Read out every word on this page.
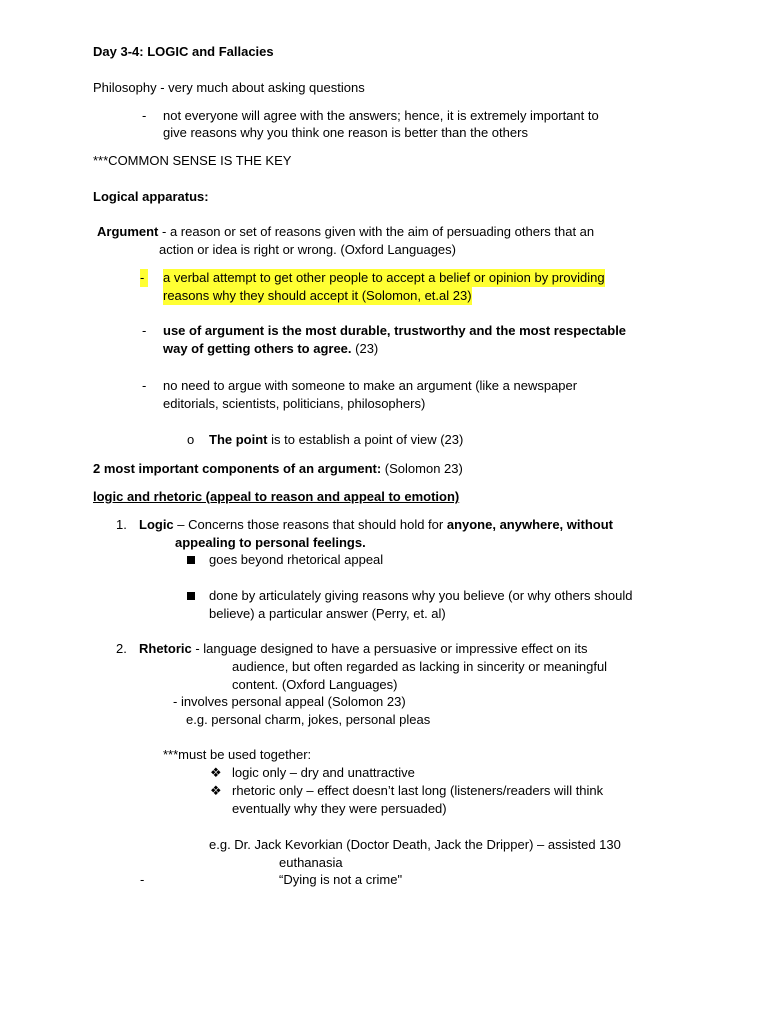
Day 3-4: LOGIC and Fallacies
Philosophy - very much about asking questions
- not everyone will agree with the answers; hence, it is extremely important to
give reasons why you think one reason is better than the others
***COMMON SENSE IS THE KEY
Logical apparatus:
Argument - a reason or set of reasons given with the aim of persuading others that an
action or idea is right or wrong. (Oxford Languages)
-	a verbal attempt to get other people to accept a belief or opinion by providing
reasons why they should accept it (Solomon, et.al 23)
- use of argument is the most durable, trustworthy and the most respectable
way of getting others to agree. (23)
- no need to argue with someone to make an argument (like a newspaper
editorials, scientists, politicians, philosophers)
o The point is to establish a point of view (23)
2 most important components of an argument: (Solomon 23)
logic and rhetoric (appeal to reason and appeal to emotion)
1. Logic – Concerns those reasons that should hold for anyone, anywhere, without
appealing to personal feelings.
goes beyond rhetorical appeal
done by articulately giving reasons why you believe (or why others should
believe) a particular answer (Perry, et. al)
2. Rhetoric - language designed to have a persuasive or impressive effect on its
audience, but often regarded as lacking in sincerity or meaningful
content. (Oxford Languages)
- involves personal appeal (Solomon 23)
e.g. personal charm, jokes, personal pleas
***must be used together:
❖ logic only – dry and unattractive
❖ rhetoric only – effect doesn’t last long (listeners/readers will think
eventually why they were persuaded)
e.g. Dr. Jack Kevorkian (Doctor Death, Jack the Dripper) – assisted 130
euthanasia
-	“Dying is not a crime"
